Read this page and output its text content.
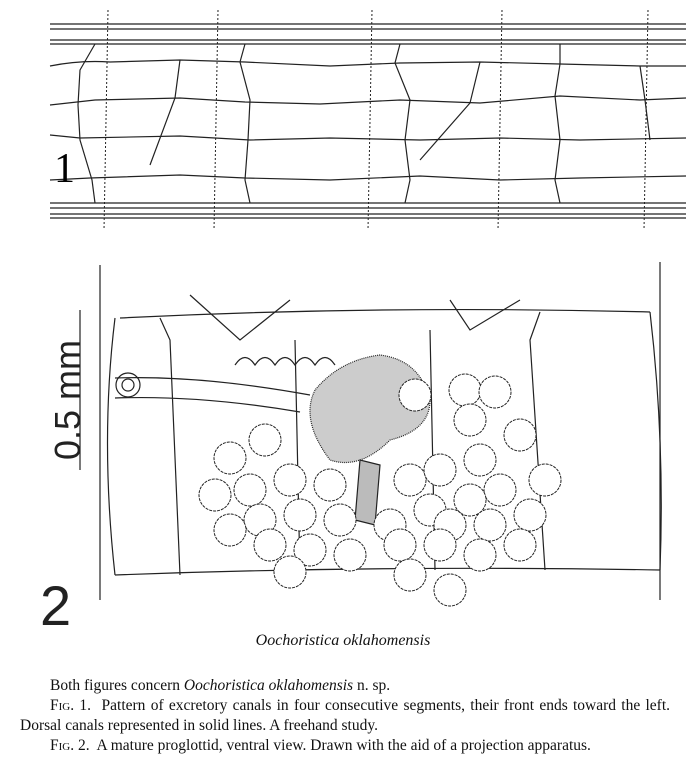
1
0.5 mm
2
Oochoristica oklahomensis

Both figures concern Oochoristica oklahomensis n. sp.

Fig. 1. Pattern of excretory canals in four consecutive segments, their front ends toward the left. Dorsal canals represented in solid lines. A freehand study.

Fig. 2. A mature proglottid, ventral view. Drawn with the aid of a projection apparatus.
